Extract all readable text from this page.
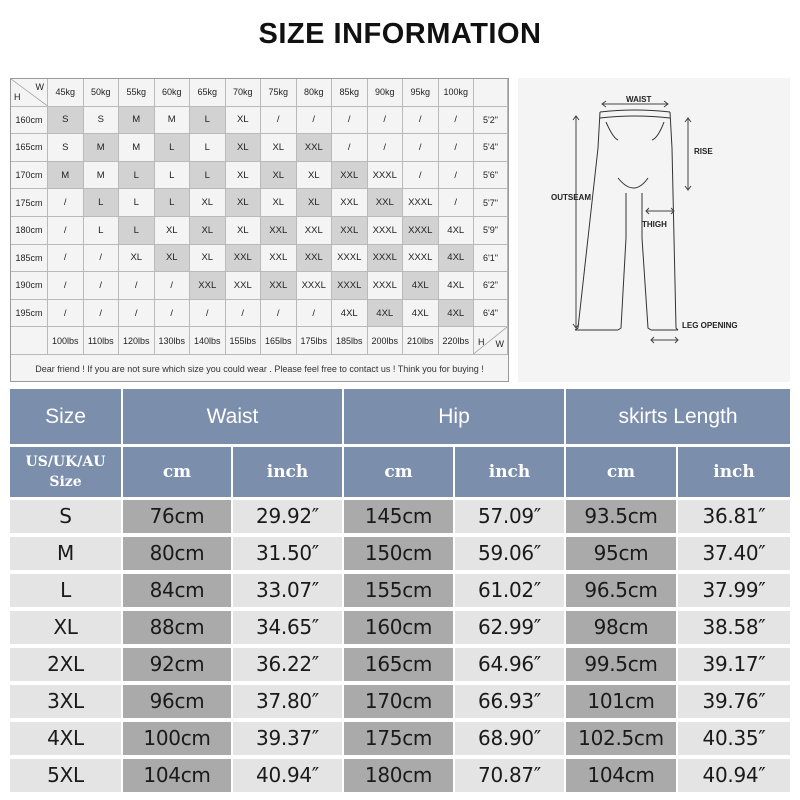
SIZE INFORMATION
H
W
45kg	50kg	55kg	60kg	65kg	70kg	75kg	80kg	85kg	90kg	95kg	100kg
160cm	S	S	M	M	L	XL	/	/	/	/	/	/	5'2"
165cm	S	M	M	L	L	XL	XL	XXL	/	/	/	/	5'4"
170cm	M	M	L	L	L	XL	XL	XL	XXL	XXXL	/	/	5'6"
175cm	/	L	L	L	XL	XL	XL	XL	XXL	XXL	XXXL	/	5'7"
180cm	/	L	L	XL	XL	XL	XXL	XXL	XXL	XXXL	XXXL	4XL	5'9"
185cm	/	/	XL	XL	XL	XXL	XXL	XXL	XXXL	XXXL	XXXL	4XL	6'1"
190cm	/	/	/	/	XXL	XXL	XXL	XXXL	XXXL	XXXL	4XL	4XL	6'2"
195cm	/	/	/	/	/	/	/	/	4XL	4XL	4XL	4XL	6'4"
100lbs	110lbs	120lbs 130lbs 140lbs 155lbs 165lbs 175lbs 185lbs 200lbs 210lbs 220lbs H W
Dear friend ! If you are not sure which size you could wear . Please feel free to contact us ! Think you for buying !
WAIST
RISE
OUTSEAM
THIGH
LEG OPENING
Size	Waist	Hip	skirts Length
US/UK/AU
Size	cm	inch	cm	inch	cm	inch
S	76cm	29.92″	145cm	57.09″	93.5cm	36.81″
M	80cm	31.50″	150cm	59.06″	95cm	37.40″
L	84cm	33.07″	155cm	61.02″	96.5cm	37.99″
XL	88cm	34.65″	160cm	62.99″	98cm	38.58″
2XL	92cm	36.22″	165cm	64.96″	99.5cm	39.17″
3XL	96cm	37.80″	170cm	66.93″	101cm	39.76″
4XL	100cm	39.37″	175cm	68.90″	102.5cm	40.35″
5XL	104cm	40.94″	180cm	70.87″	104cm	40.94″
